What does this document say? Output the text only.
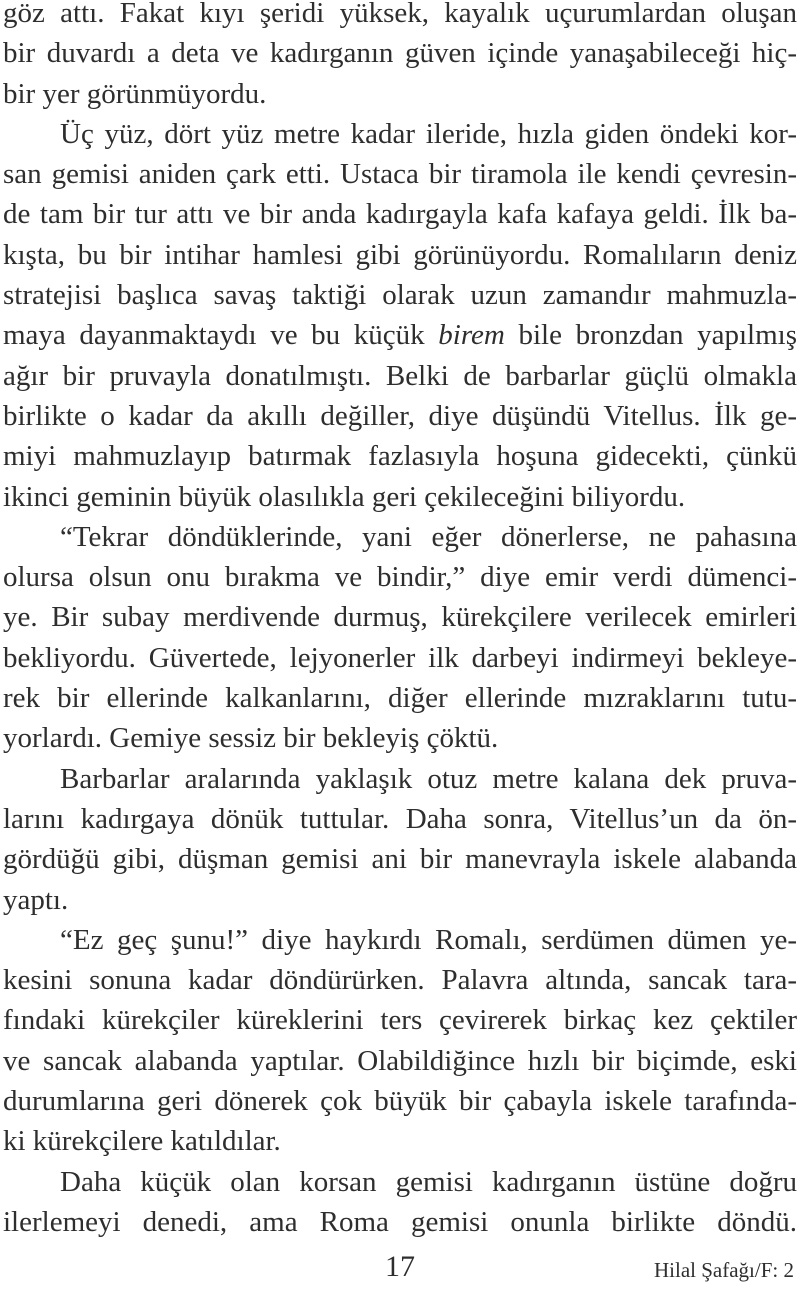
göz attı. Fakat kıyı şeridi yüksek, kayalık uçurumlardan oluşan
bir duvardı a deta ve kadırganın güven içinde yanaşabileceği hiç-
bir yer görünmüyordu.
Üç yüz, dört yüz metre kadar ileride, hızla giden öndeki kor-
san gemisi aniden çark etti. Ustaca bir tiramola ile kendi çevresin-
de tam bir tur attı ve bir anda kadırgayla kafa kafaya geldi. İlk ba-
kışta, bu bir intihar hamlesi gibi görünüyordu. Romalıların deniz
stratejisi başlıca savaş taktiği olarak uzun zamandır mahmuzla-
maya dayanmaktaydı ve bu küçük birem bile bronzdan yapılmış
ağır bir pruvayla donatılmıştı. Belki de barbarlar güçlü olmakla
birlikte o kadar da akıllı değiller, diye düşündü Vitellus. İlk ge-
miyi mahmuzlayıp batırmak fazlasıyla hoşuna gidecekti, çünkü
ikinci geminin büyük olasılıkla geri çekileceğini biliyordu.
“Tekrar döndüklerinde, yani eğer dönerlerse, ne pahasına
olursa olsun onu bırakma ve bindir,” diye emir verdi dümenci-
ye. Bir subay merdivende durmuş, kürekçilere verilecek emirleri
bekliyordu. Güvertede, lejyonerler ilk darbeyi indirmeyi bekleye-
rek bir ellerinde kalkanlarını, diğer ellerinde mızraklarını tutu-
yorlardı. Gemiye sessiz bir bekleyiş çöktü.
Barbarlar aralarında yaklaşık otuz metre kalana dek pruva-
larını kadırgaya dönük tuttular. Daha sonra, Vitellus’un da ön-
gördüğü gibi, düşman gemisi ani bir manevrayla iskele alabanda
yaptı.
“Ez geç şunu!” diye haykırdı Romalı, serdümen dümen ye-
kesini sonuna kadar döndürürken. Palavra altında, sancak tara-
fındaki kürekçiler küreklerini ters çevirerek birkaç kez çektiler
ve sancak alabanda yaptılar. Olabildiğince hızlı bir biçimde, eski
durumlarına geri dönerek çok büyük bir çabayla iskele tarafında-
ki kürekçilere katıldılar.
Daha küçük olan korsan gemisi kadırganın üstüne doğru
ilerlemeyi denedi, ama Roma gemisi onunla birlikte döndü.
17	Hilal Şafağı/F: 2
